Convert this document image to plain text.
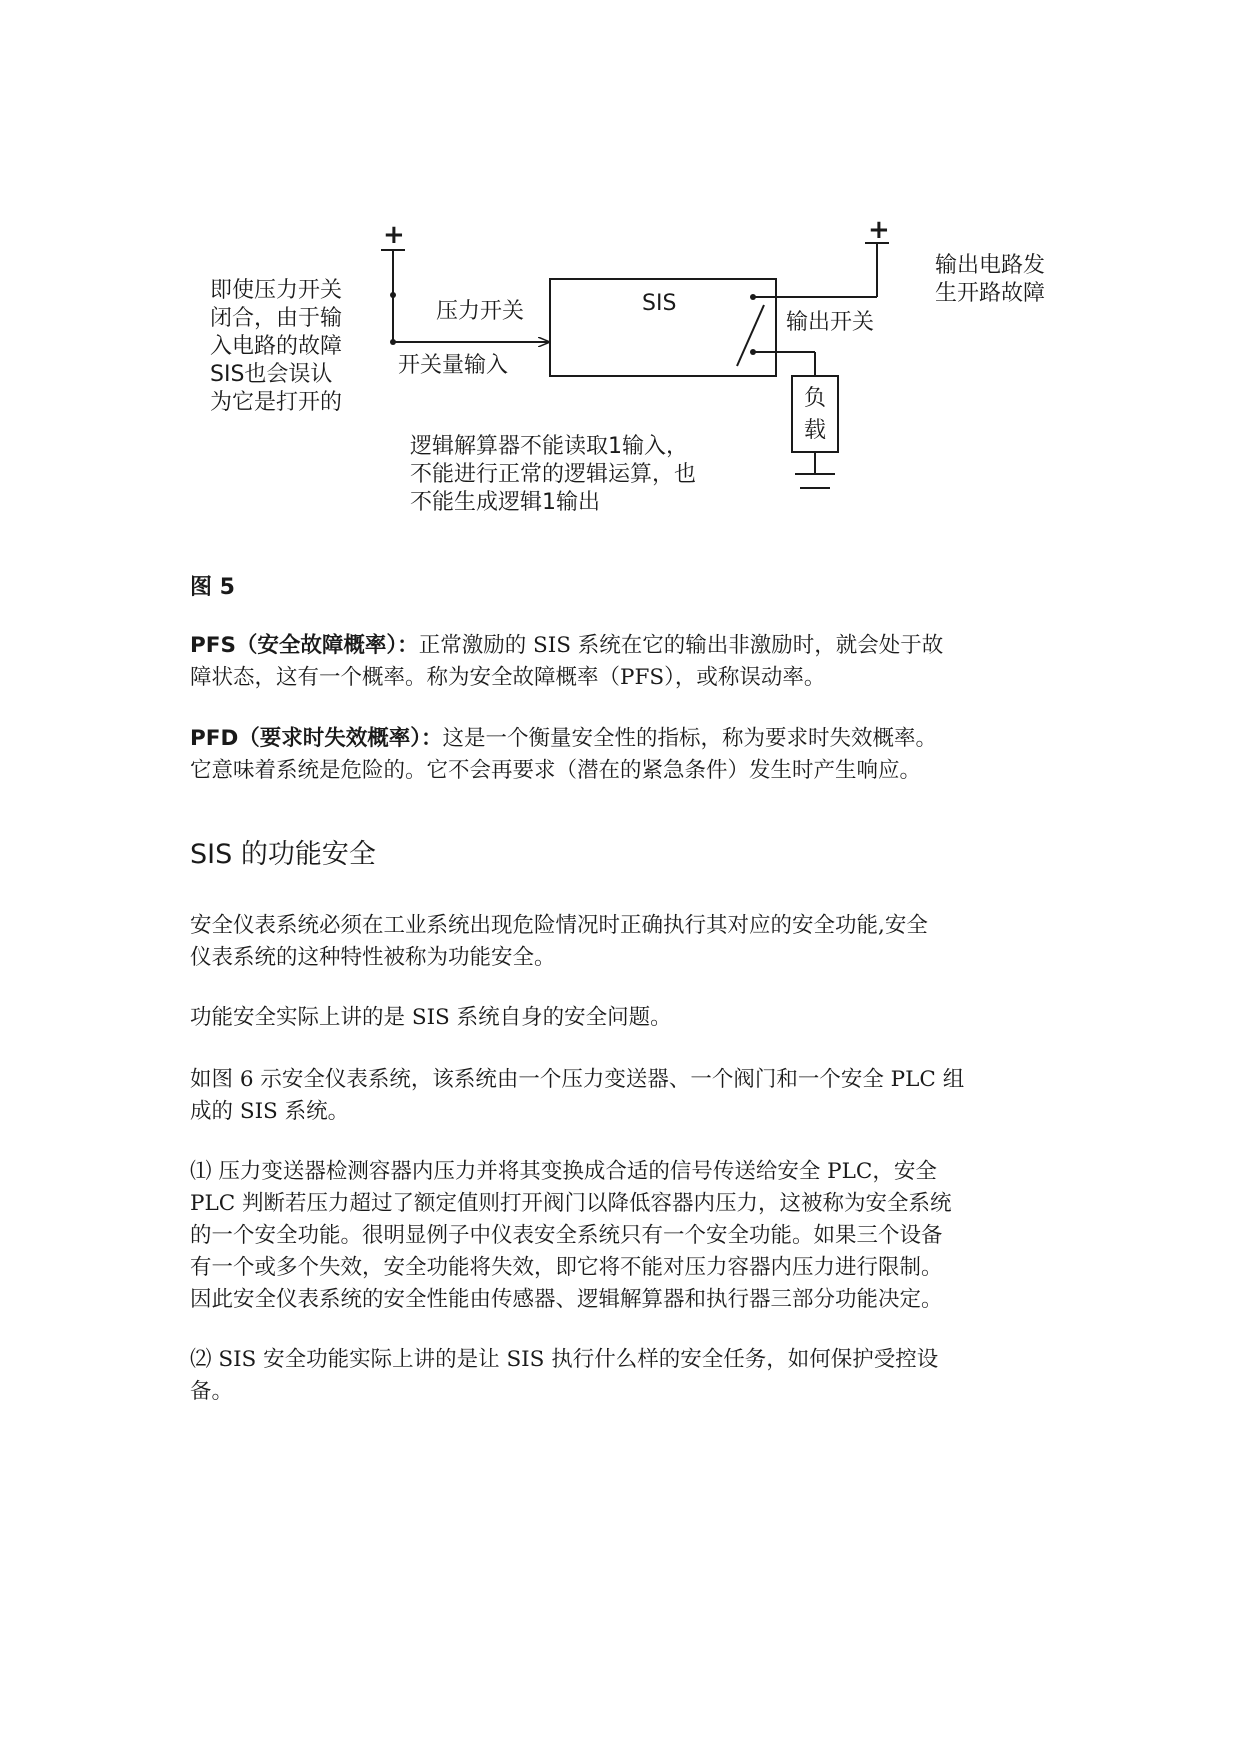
+
即使压力开关
闭合，由于输
入电路的故障
SIS也会误认
为它是打开的
压力开关
开关量输入
SIS
输出开关
+
输出电路发
生开路故障
负
载
逻辑解算器不能读取1输入，
不能进行正常的逻辑运算，也
不能生成逻辑1输出

图 5

PFS（安全故障概率）：正常激励的 SIS 系统在它的输出非激励时，就会处于故
障状态，这有一个概率。称为安全故障概率（PFS），或称误动率。

PFD（要求时失效概率）：这是一个衡量安全性的指标，称为要求时失效概率。
它意味着系统是危险的。它不会再要求（潜在的紧急条件）发生时产生响应。

SIS 的功能安全

安全仪表系统必须在工业系统出现危险情况时正确执行其对应的安全功能,安全
仪表系统的这种特性被称为功能安全。

功能安全实际上讲的是 SIS 系统自身的安全问题。

如图 6 示安全仪表系统，该系统由一个压力变送器、一个阀门和一个安全 PLC 组
成的 SIS 系统。

⑴ 压力变送器检测容器内压力并将其变换成合适的信号传送给安全 PLC，安全
PLC 判断若压力超过了额定值则打开阀门以降低容器内压力，这被称为安全系统
的一个安全功能。很明显例子中仪表安全系统只有一个安全功能。如果三个设备
有一个或多个失效，安全功能将失效，即它将不能对压力容器内压力进行限制。
因此安全仪表系统的安全性能由传感器、逻辑解算器和执行器三部分功能决定。

⑵ SIS 安全功能实际上讲的是让 SIS 执行什么样的安全任务，如何保护受控设
备。
